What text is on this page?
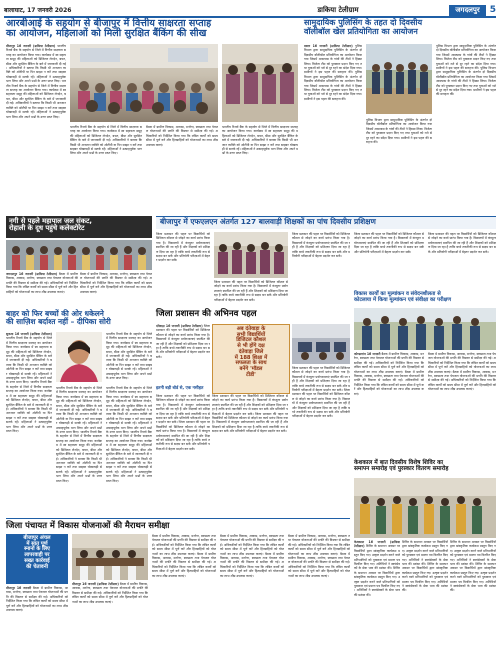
बालाघाट, 17 जनवरी 2026	डाकिया टेलीग्राम	जगदलपुर	5
आरबीआई के सहयोग से बीजापुर में वित्तीय साक्षरता सप्ताह
का आयोजन, महिलाओं को मिली सुरक्षित बैंकिंग की सीख
बीजापुर 16 जनवरी (डाकिया टेलीग्राम) भारतीय रिजर्व बैंक के सहयोग से जिले में वित्तीय साक्षरता सप्ताह का आयोजन किया गया। कार्यक्रम में स्व सहायता समूह की महिलाओं को डिजिटल लेनदेन, बचत, बीमा और सुरक्षित बैंकिंग के बारे में जानकारी दी गई। अधिकारियों ने बताया कि किसी भी अनजान व्यक्ति को ओटीपी या पिन साझा न करें तथा साइबर धोखाधड़ी से सतर्क रहें। महिलाओं ने उत्साहपूर्वक भाग लिया और अपने प्रश्नों के उत्तर प्राप्त किए। भारतीय रिजर्व बैंक के सहयोग से जिले में वित्तीय साक्षरता सप्ताह का आयोजन किया गया। कार्यक्रम में स्व सहायता समूह की महिलाओं को डिजिटल लेनदेन, बचत, बीमा और सुरक्षित बैंकिंग के बारे में जानकारी दी गई। अधिकारियों ने बताया कि किसी भी अनजान व्यक्ति को ओटीपी या पिन साझा न करें तथा साइबर धोखाधड़ी से सतर्क रहें। महिलाओं ने उत्साहपूर्वक भाग लिया और अपने प्रश्नों के उत्तर प्राप्त किए।
भारतीय रिजर्व बैंक के सहयोग से जिले में वित्तीय साक्षरता सप्ताह का आयोजन किया गया। कार्यक्रम में स्व सहायता समूह की महिलाओं को डिजिटल लेनदेन, बचत, बीमा और सुरक्षित बैंकिंग के बारे में जानकारी दी गई। अधिकारियों ने बताया कि किसी भी अनजान व्यक्ति को ओटीपी या पिन साझा न करें तथा साइबर धोखाधड़ी से सतर्क रहें। महिलाओं ने उत्साहपूर्वक भाग लिया और अपने प्रश्नों के उत्तर प्राप्त किए।
बैठक में ग्रामीण विकास, आवास, मनरेगा, स्वच्छता तथा पेयजल योजनाओं की प्रगति की विस्तार से समीक्षा की गई। अधिकारियों को निर्देशित किया गया कि लंबित कार्यों को समय सीमा में पूर्ण करें और हितग्राहियों को योजनाओं का लाभ शीघ्र उपलब्ध कराएं।
भारतीय रिजर्व बैंक के सहयोग से जिले में वित्तीय साक्षरता सप्ताह का आयोजन किया गया। कार्यक्रम में स्व सहायता समूह की महिलाओं को डिजिटल लेनदेन, बचत, बीमा और सुरक्षित बैंकिंग के बारे में जानकारी दी गई। अधिकारियों ने बताया कि किसी भी अनजान व्यक्ति को ओटीपी या पिन साझा न करें तथा साइबर धोखाधड़ी से सतर्क रहें। महिलाओं ने उत्साहपूर्वक भाग लिया और अपने प्रश्नों के उत्तर प्राप्त किए।
सामुदायिक पुलिसिंग के तहत दो दिवसीय
वॉलीबॉल खेल प्रतियोगिता का आयोजन
बस्तर 16 जनवरी (डाकिया टेलीग्राम) पुलिस विभाग द्वारा सामुदायिक पुलिसिंग के अंतर्गत दो दिवसीय वॉलीबॉल प्रतियोगिता का आयोजन किया गया जिसमें आसपास के गांवों की टीमों ने हिस्सा लिया। विजेता टीम को पुरस्कार प्रदान किए गए तथा युवाओं को नशे से दूर रहने का संदेश दिया गया। ग्रामीणों ने इस पहल की सराहना की। पुलिस विभाग द्वारा सामुदायिक पुलिसिंग के अंतर्गत दो दिवसीय वॉलीबॉल प्रतियोगिता का आयोजन किया गया जिसमें आसपास के गांवों की टीमों ने हिस्सा लिया। विजेता टीम को पुरस्कार प्रदान किए गए तथा युवाओं को नशे से दूर रहने का संदेश दिया गया। ग्रामीणों ने इस पहल की सराहना की।
पुलिस विभाग द्वारा सामुदायिक पुलिसिंग के अंतर्गत दो दिवसीय वॉलीबॉल प्रतियोगिता का आयोजन किया गया जिसमें आसपास के गांवों की टीमों ने हिस्सा लिया। विजेता टीम को पुरस्कार प्रदान किए गए तथा युवाओं को नशे से दूर रहने का संदेश दिया गया। ग्रामीणों ने इस पहल की सराहना की। पुलिस विभाग द्वारा सामुदायिक पुलिसिंग के अंतर्गत दो दिवसीय वॉलीबॉल प्रतियोगिता का आयोजन किया गया जिसमें आसपास के गांवों की टीमों ने हिस्सा लिया। विजेता टीम को पुरस्कार प्रदान किए गए तथा युवाओं को नशे से दूर रहने का संदेश दिया गया। ग्रामीणों ने इस पहल की सराहना की।
पुलिस विभाग द्वारा सामुदायिक पुलिसिंग के अंतर्गत दो दिवसीय वॉलीबॉल प्रतियोगिता का आयोजन किया गया जिसमें आसपास के गांवों की टीमों ने हिस्सा लिया। विजेता टीम को पुरस्कार प्रदान किए गए तथा युवाओं को नशे से दूर रहने का संदेश दिया गया। ग्रामीणों ने इस पहल की सराहना की।
नगी से पहले महापाल जल संकट,
रोहाली के दूध पहुंचे कलेक्टोरेट
जगदलपुर 16 जनवरी (डाकिया टेलीग्राम) बैठक में ग्रामीण विकास, आवास, मनरेगा, स्वच्छता तथा पेयजल योजनाओं की प्रगति की विस्तार से समीक्षा की गई। अधिकारियों को निर्देशित किया गया कि लंबित कार्यों को समय सीमा में पूर्ण करें और हितग्राहियों को योजनाओं का लाभ शीघ्र उपलब्ध कराएं।
बैठक में ग्रामीण विकास, आवास, मनरेगा, स्वच्छता तथा पेयजल योजनाओं की प्रगति की विस्तार से समीक्षा की गई। अधिकारियों को निर्देशित किया गया कि लंबित कार्यों को समय सीमा में पूर्ण करें और हितग्राहियों को योजनाओं का लाभ शीघ्र उपलब्ध कराएं।
बीजापुर में एफएलएन अंतर्गत 127 बालवाड़ी शिक्षकों का पांच दिवसीय प्रशिक्षण
जिला प्रशासन की पहल पर विद्यार्थियों को डिजिटल कौशल से जोड़ने का कार्य प्रारंभ किया गया है। विद्यालयों में कंप्यूटर प्रयोगशालाएं स्थापित की जा रही हैं और शिक्षकों को प्रशिक्षण दिया जा रहा है ताकि बच्चे तकनीकी रूप से सक्षम बन सकें और प्रतियोगी परीक्षाओं में बेहतर प्रदर्शन कर सकें।
जिला प्रशासन की पहल पर विद्यार्थियों को डिजिटल कौशल से जोड़ने का कार्य प्रारंभ किया गया है। विद्यालयों में कंप्यूटर प्रयोगशालाएं स्थापित की जा रही हैं और शिक्षकों को प्रशिक्षण दिया जा रहा है ताकि बच्चे तकनीकी रूप से सक्षम बन सकें और प्रतियोगी परीक्षाओं में बेहतर प्रदर्शन कर सकें।
जिला प्रशासन की पहल पर विद्यार्थियों को डिजिटल कौशल से जोड़ने का कार्य प्रारंभ किया गया है। विद्यालयों में कंप्यूटर प्रयोगशालाएं स्थापित की जा रही हैं और शिक्षकों को प्रशिक्षण दिया जा रहा है ताकि बच्चे तकनीकी रूप से सक्षम बन सकें और प्रतियोगी परीक्षाओं में बेहतर प्रदर्शन कर सकें।
जिला प्रशासन की पहल पर विद्यार्थियों को डिजिटल कौशल से जोड़ने का कार्य प्रारंभ किया गया है। विद्यालयों में कंप्यूटर प्रयोगशालाएं स्थापित की जा रही हैं और शिक्षकों को प्रशिक्षण दिया जा रहा है ताकि बच्चे तकनीकी रूप से सक्षम बन सकें और प्रतियोगी परीक्षाओं में बेहतर प्रदर्शन कर सकें।
जिला प्रशासन की पहल पर विद्यार्थियों को डिजिटल कौशल से जोड़ने का कार्य प्रारंभ किया गया है। विद्यालयों में कंप्यूटर प्रयोगशालाएं स्थापित की जा रही हैं और शिक्षकों को प्रशिक्षण दिया जा रहा है ताकि बच्चे तकनीकी रूप से सक्षम बन सकें और प्रतियोगी परीक्षाओं में बेहतर प्रदर्शन कर सकें।
विकास कार्यों का मूल्यांकन व संवेदनशीलता से
कोटलाया में किया मूल्यांकन एवं संवीक्षा का परीक्षण
कोण्डागांव 16 जनवरी बैठक में ग्रामीण विकास, आवास, मनरेगा, स्वच्छता तथा पेयजल योजनाओं की प्रगति की विस्तार से समीक्षा की गई। अधिकारियों को निर्देशित किया गया कि लंबित कार्यों को समय सीमा में पूर्ण करें और हितग्राहियों को योजनाओं का लाभ शीघ्र उपलब्ध कराएं। बैठक में ग्रामीण विकास, आवास, मनरेगा, स्वच्छता तथा पेयजल योजनाओं की प्रगति की विस्तार से समीक्षा की गई। अधिकारियों को निर्देशित किया गया कि लंबित कार्यों को समय सीमा में पूर्ण करें और हितग्राहियों को योजनाओं का लाभ शीघ्र उपलब्ध कराएं।
बैठक में ग्रामीण विकास, आवास, मनरेगा, स्वच्छता तथा पेयजल योजनाओं की प्रगति की विस्तार से समीक्षा की गई। अधिकारियों को निर्देशित किया गया कि लंबित कार्यों को समय सीमा में पूर्ण करें और हितग्राहियों को योजनाओं का लाभ शीघ्र उपलब्ध कराएं। बैठक में ग्रामीण विकास, आवास, मनरेगा, स्वच्छता तथा पेयजल योजनाओं की प्रगति की विस्तार से समीक्षा की गई। अधिकारियों को निर्देशित किया गया कि लंबित कार्यों को समय सीमा में पूर्ण करें और हितग्राहियों को योजनाओं का लाभ शीघ्र उपलब्ध कराएं।
बाहर को फिर बच्चों की ओर धकेलने
की साज़िश बर्दाश्त नहीं – दीपिका सोरी
सुकमा 16 जनवरी (डाकिया टेलीग्राम) भारतीय रिजर्व बैंक के सहयोग से जिले में वित्तीय साक्षरता सप्ताह का आयोजन किया गया। कार्यक्रम में स्व सहायता समूह की महिलाओं को डिजिटल लेनदेन, बचत, बीमा और सुरक्षित बैंकिंग के बारे में जानकारी दी गई। अधिकारियों ने बताया कि किसी भी अनजान व्यक्ति को ओटीपी या पिन साझा न करें तथा साइबर धोखाधड़ी से सतर्क रहें। महिलाओं ने उत्साहपूर्वक भाग लिया और अपने प्रश्नों के उत्तर प्राप्त किए। भारतीय रिजर्व बैंक के सहयोग से जिले में वित्तीय साक्षरता सप्ताह का आयोजन किया गया। कार्यक्रम में स्व सहायता समूह की महिलाओं को डिजिटल लेनदेन, बचत, बीमा और सुरक्षित बैंकिंग के बारे में जानकारी दी गई। अधिकारियों ने बताया कि किसी भी अनजान व्यक्ति को ओटीपी या पिन साझा न करें तथा साइबर धोखाधड़ी से सतर्क रहें। महिलाओं ने उत्साहपूर्वक भाग लिया और अपने प्रश्नों के उत्तर प्राप्त किए।
भारतीय रिजर्व बैंक के सहयोग से जिले में वित्तीय साक्षरता सप्ताह का आयोजन किया गया। कार्यक्रम में स्व सहायता समूह की महिलाओं को डिजिटल लेनदेन, बचत, बीमा और सुरक्षित बैंकिंग के बारे में जानकारी दी गई। अधिकारियों ने बताया कि किसी भी अनजान व्यक्ति को ओटीपी या पिन साझा न करें तथा साइबर धोखाधड़ी से सतर्क रहें। महिलाओं ने उत्साहपूर्वक भाग लिया और अपने प्रश्नों के उत्तर प्राप्त किए।
भारतीय रिजर्व बैंक के सहयोग से जिले में वित्तीय साक्षरता सप्ताह का आयोजन किया गया। कार्यक्रम में स्व सहायता समूह की महिलाओं को डिजिटल लेनदेन, बचत, बीमा और सुरक्षित बैंकिंग के बारे में जानकारी दी गई। अधिकारियों ने बताया कि किसी भी अनजान व्यक्ति को ओटीपी या पिन साझा न करें तथा साइबर धोखाधड़ी से सतर्क रहें। महिलाओं ने उत्साहपूर्वक भाग लिया और अपने प्रश्नों के उत्तर प्राप्त किए। भारतीय रिजर्व बैंक के सहयोग से जिले में वित्तीय साक्षरता सप्ताह का आयोजन किया गया। कार्यक्रम में स्व सहायता समूह की महिलाओं को डिजिटल लेनदेन, बचत, बीमा और सुरक्षित बैंकिंग के बारे में जानकारी दी गई। अधिकारियों ने बताया कि किसी भी अनजान व्यक्ति को ओटीपी या पिन साझा न करें तथा साइबर धोखाधड़ी से सतर्क रहें। महिलाओं ने उत्साहपूर्वक भाग लिया और अपने प्रश्नों के उत्तर प्राप्त किए।
भारतीय रिजर्व बैंक के सहयोग से जिले में वित्तीय साक्षरता सप्ताह का आयोजन किया गया। कार्यक्रम में स्व सहायता समूह की महिलाओं को डिजिटल लेनदेन, बचत, बीमा और सुरक्षित बैंकिंग के बारे में जानकारी दी गई। अधिकारियों ने बताया कि किसी भी अनजान व्यक्ति को ओटीपी या पिन साझा न करें तथा साइबर धोखाधड़ी से सतर्क रहें। महिलाओं ने उत्साहपूर्वक भाग लिया और अपने प्रश्नों के उत्तर प्राप्त किए। भारतीय रिजर्व बैंक के सहयोग से जिले में वित्तीय साक्षरता सप्ताह का आयोजन किया गया। कार्यक्रम में स्व सहायता समूह की महिलाओं को डिजिटल लेनदेन, बचत, बीमा और सुरक्षित बैंकिंग के बारे में जानकारी दी गई। अधिकारियों ने बताया कि किसी भी अनजान व्यक्ति को ओटीपी या पिन साझा न करें तथा साइबर धोखाधड़ी से सतर्क रहें। महिलाओं ने उत्साहपूर्वक भाग लिया और अपने प्रश्नों के उत्तर प्राप्त किए।
इतनी बड़ी बोर्ड से, एक नसीहत
जिला प्रशासन की अभिनव पहल
अब दंतेवाड़ा के
सभी विद्यार्थियों
डिजिटल कौशल
से भी होंगे दक्ष
दंतेवाड़ा जिले
में 188 शिक्षा में
सफलता के साथ
बनेंगे 'मॉडल
टीडी'
दंतेवाड़ा 16 जनवरी (डाकिया टेलीग्राम) जिला प्रशासन की पहल पर विद्यार्थियों को डिजिटल कौशल से जोड़ने का कार्य प्रारंभ किया गया है। विद्यालयों में कंप्यूटर प्रयोगशालाएं स्थापित की जा रही हैं और शिक्षकों को प्रशिक्षण दिया जा रहा है ताकि बच्चे तकनीकी रूप से सक्षम बन सकें और प्रतियोगी परीक्षाओं में बेहतर प्रदर्शन कर सकें।
जिला प्रशासन की पहल पर विद्यार्थियों को डिजिटल कौशल से जोड़ने का कार्य प्रारंभ किया गया है। विद्यालयों में कंप्यूटर प्रयोगशालाएं स्थापित की जा रही हैं और शिक्षकों को प्रशिक्षण दिया जा रहा है ताकि बच्चे तकनीकी रूप से सक्षम बन सकें और प्रतियोगी परीक्षाओं में बेहतर प्रदर्शन कर सकें। जिला प्रशासन की पहल पर विद्यार्थियों को डिजिटल कौशल से जोड़ने का कार्य प्रारंभ किया गया है। विद्यालयों में कंप्यूटर प्रयोगशालाएं स्थापित की जा रही हैं और शिक्षकों को प्रशिक्षण दिया जा रहा है ताकि बच्चे तकनीकी रूप से सक्षम बन सकें और प्रतियोगी परीक्षाओं में बेहतर प्रदर्शन कर सकें।
जिला प्रशासन की पहल पर विद्यार्थियों को डिजिटल कौशल से जोड़ने का कार्य प्रारंभ किया गया है। विद्यालयों में कंप्यूटर प्रयोगशालाएं स्थापित की जा रही हैं और शिक्षकों को प्रशिक्षण दिया जा रहा है ताकि बच्चे तकनीकी रूप से सक्षम बन सकें और प्रतियोगी परीक्षाओं में बेहतर प्रदर्शन कर सकें। जिला प्रशासन की पहल पर विद्यार्थियों को डिजिटल कौशल से जोड़ने का कार्य प्रारंभ किया गया है। विद्यालयों में कंप्यूटर प्रयोगशालाएं स्थापित की जा रही हैं और शिक्षकों को प्रशिक्षण दिया जा रहा है ताकि बच्चे तकनीकी रूप से सक्षम बन सकें और प्रतियोगी परीक्षाओं में बेहतर प्रदर्शन कर सकें।
जिला प्रशासन की पहल पर विद्यार्थियों को डिजिटल कौशल से जोड़ने का कार्य प्रारंभ किया गया है। विद्यालयों में कंप्यूटर प्रयोगशालाएं स्थापित की जा रही हैं और शिक्षकों को प्रशिक्षण दिया जा रहा है ताकि बच्चे तकनीकी रूप से सक्षम बन सकें और प्रतियोगी परीक्षाओं में बेहतर प्रदर्शन कर सकें। जिला प्रशासन की पहल पर विद्यार्थियों को डिजिटल कौशल से जोड़ने का कार्य प्रारंभ किया गया है। विद्यालयों में कंप्यूटर प्रयोगशालाएं स्थापित की जा रही हैं और शिक्षकों को प्रशिक्षण दिया जा रहा है ताकि बच्चे तकनीकी रूप से सक्षम बन सकें और प्रतियोगी परीक्षाओं में बेहतर प्रदर्शन कर सकें।
केशकाल में बात दिवसीय विशेष शिविर का
समापन समारोह एवं पुरस्कार वितरण समारोह
केशकाल 16 जनवरी (डाकिया टेलीग्राम) शिविर के समापन अवसर पर विद्यार्थियों द्वारा सांस्कृतिक कार्यक्रम प्रस्तुत किए गए। उत्कृष्ट प्रदर्शन करने वाले प्रतिभागियों को पुरस्कार एवं प्रमाण पत्र वितरित किए गए। अतिथियों ने स्वयंसेवकों के सेवा भाव की प्रशंसा की। शिविर के समापन अवसर पर विद्यार्थियों द्वारा सांस्कृतिक कार्यक्रम प्रस्तुत किए गए। उत्कृष्ट प्रदर्शन करने वाले प्रतिभागियों को पुरस्कार एवं प्रमाण पत्र वितरित किए गए। अतिथियों ने स्वयंसेवकों के सेवा भाव की प्रशंसा की।
शिविर के समापन अवसर पर विद्यार्थियों द्वारा सांस्कृतिक कार्यक्रम प्रस्तुत किए गए। उत्कृष्ट प्रदर्शन करने वाले प्रतिभागियों को पुरस्कार एवं प्रमाण पत्र वितरित किए गए। अतिथियों ने स्वयंसेवकों के सेवा भाव की प्रशंसा की। शिविर के समापन अवसर पर विद्यार्थियों द्वारा सांस्कृतिक कार्यक्रम प्रस्तुत किए गए। उत्कृष्ट प्रदर्शन करने वाले प्रतिभागियों को पुरस्कार एवं प्रमाण पत्र वितरित किए गए। अतिथियों ने स्वयंसेवकों के सेवा भाव की प्रशंसा की।
शिविर के समापन अवसर पर विद्यार्थियों द्वारा सांस्कृतिक कार्यक्रम प्रस्तुत किए गए। उत्कृष्ट प्रदर्शन करने वाले प्रतिभागियों को पुरस्कार एवं प्रमाण पत्र वितरित किए गए। अतिथियों ने स्वयंसेवकों के सेवा भाव की प्रशंसा की। शिविर के समापन अवसर पर विद्यार्थियों द्वारा सांस्कृतिक कार्यक्रम प्रस्तुत किए गए। उत्कृष्ट प्रदर्शन करने वाले प्रतिभागियों को पुरस्कार एवं प्रमाण पत्र वितरित किए गए। अतिथियों ने स्वयंसेवकों के सेवा भाव की प्रशंसा की।
जिला पंचायत में विकास योजनाओं की मैराथन समीक्षा
बीजापुर अंचल
में सात पूर्ण
स्नानों के लिए
लापरवाही पर
सख्त कार्रवाई
की चेतावनी
बीजापुर 16 जनवरी बैठक में ग्रामीण विकास, आवास, मनरेगा, स्वच्छता तथा पेयजल योजनाओं की प्रगति की विस्तार से समीक्षा की गई। अधिकारियों को निर्देशित किया गया कि लंबित कार्यों को समय सीमा में पूर्ण करें और हितग्राहियों को योजनाओं का लाभ शीघ्र उपलब्ध कराएं।
बीजापुर 16 जनवरी (डाकिया टेलीग्राम) बैठक में ग्रामीण विकास, आवास, मनरेगा, स्वच्छता तथा पेयजल योजनाओं की प्रगति की विस्तार से समीक्षा की गई। अधिकारियों को निर्देशित किया गया कि लंबित कार्यों को समय सीमा में पूर्ण करें और हितग्राहियों को योजनाओं का लाभ शीघ्र उपलब्ध कराएं।
बैठक में ग्रामीण विकास, आवास, मनरेगा, स्वच्छता तथा पेयजल योजनाओं की प्रगति की विस्तार से समीक्षा की गई। अधिकारियों को निर्देशित किया गया कि लंबित कार्यों को समय सीमा में पूर्ण करें और हितग्राहियों को योजनाओं का लाभ शीघ्र उपलब्ध कराएं। बैठक में ग्रामीण विकास, आवास, मनरेगा, स्वच्छता तथा पेयजल योजनाओं की प्रगति की विस्तार से समीक्षा की गई। अधिकारियों को निर्देशित किया गया कि लंबित कार्यों को समय सीमा में पूर्ण करें और हितग्राहियों को योजनाओं का लाभ शीघ्र उपलब्ध कराएं।
बैठक में ग्रामीण विकास, आवास, मनरेगा, स्वच्छता तथा पेयजल योजनाओं की प्रगति की विस्तार से समीक्षा की गई। अधिकारियों को निर्देशित किया गया कि लंबित कार्यों को समय सीमा में पूर्ण करें और हितग्राहियों को योजनाओं का लाभ शीघ्र उपलब्ध कराएं। बैठक में ग्रामीण विकास, आवास, मनरेगा, स्वच्छता तथा पेयजल योजनाओं की प्रगति की विस्तार से समीक्षा की गई। अधिकारियों को निर्देशित किया गया कि लंबित कार्यों को समय सीमा में पूर्ण करें और हितग्राहियों को योजनाओं का लाभ शीघ्र उपलब्ध कराएं।
बैठक में ग्रामीण विकास, आवास, मनरेगा, स्वच्छता तथा पेयजल योजनाओं की प्रगति की विस्तार से समीक्षा की गई। अधिकारियों को निर्देशित किया गया कि लंबित कार्यों को समय सीमा में पूर्ण करें और हितग्राहियों को योजनाओं का लाभ शीघ्र उपलब्ध कराएं। बैठक में ग्रामीण विकास, आवास, मनरेगा, स्वच्छता तथा पेयजल योजनाओं की प्रगति की विस्तार से समीक्षा की गई। अधिकारियों को निर्देशित किया गया कि लंबित कार्यों को समय सीमा में पूर्ण करें और हितग्राहियों को योजनाओं का लाभ शीघ्र उपलब्ध कराएं।
